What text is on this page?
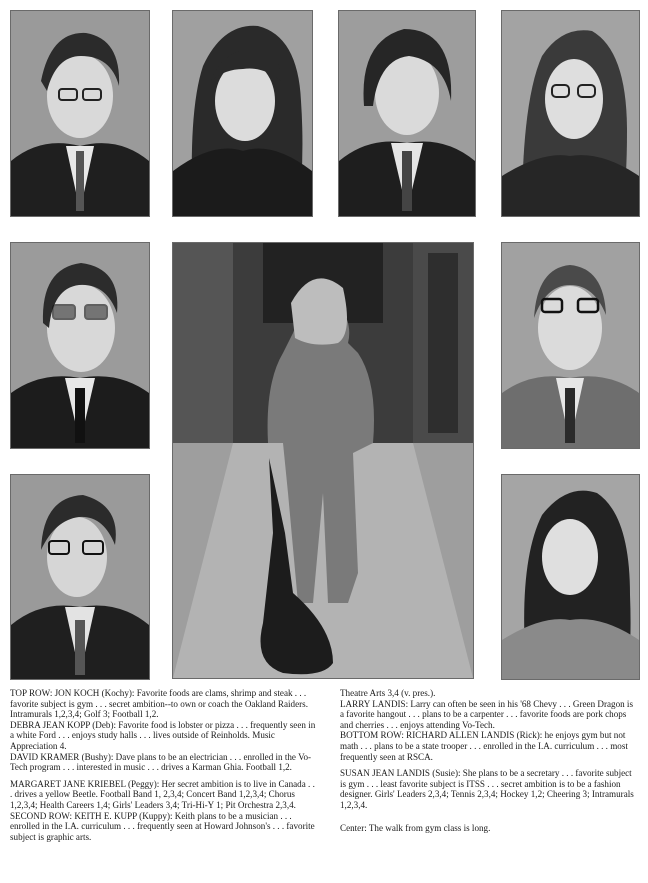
TOP ROW: JON KOCH (Kochy): Favorite foods are clams, shrimp and steak . . . favorite subject is gym . . . secret ambition--to own or coach the Oakland Raiders. Intramurals 1,2,3,4; Golf 3; Football 1,2.

DEBRA JEAN KOPP (Deb): Favorite food is lobster or pizza . . . frequently seen in a white Ford . . . enjoys study halls . . . lives outside of Reinholds. Music Appreciation 4.

DAVID KRAMER (Bushy): Dave plans to be an electrician . . . enrolled in the Vo-Tech program . . . interested in music . . . drives a Karman Ghia. Football 1,2.

MARGARET JANE KRIEBEL (Peggy): Her secret ambition is to live in Canada . . . drives a yellow Beetle. Football Band 1, 2,3,4; Concert Band 1,2,3,4; Chorus 1,2,3,4; Health Careers 1,4; Girls' Leaders 3,4; Tri-Hi-Y 1; Pit Orchestra 2,3,4.

SECOND ROW: KEITH E. KUPP (Kuppy): Keith plans to be a musician . . . enrolled in the I.A. curriculum . . . frequently seen at Howard Johnson's . . . favorite subject is graphic arts.

Theatre Arts 3,4 (v. pres.).

LARRY LANDIS: Larry can often be seen in his '68 Chevy . . . Green Dragon is a favorite hangout . . . plans to be a carpenter . . . favorite foods are pork chops and cherries . . . enjoys attending Vo-Tech.

BOTTOM ROW: RICHARD ALLEN LANDIS (Rick): he enjoys gym but not math . . . plans to be a state trooper . . . enrolled in the I.A. curriculum . . . most frequently seen at RSCA.

SUSAN JEAN LANDIS (Susie): She plans to be a secretary . . . favorite subject is gym . . . least favorite subject is ITSS . . . secret ambition is to be a fashion designer. Girls' Leaders 2,3,4; Tennis 2,3,4; Hockey 1,2; Cheering 3; Intramurals 1,2,3,4.

Center: The walk from gym class is long.
